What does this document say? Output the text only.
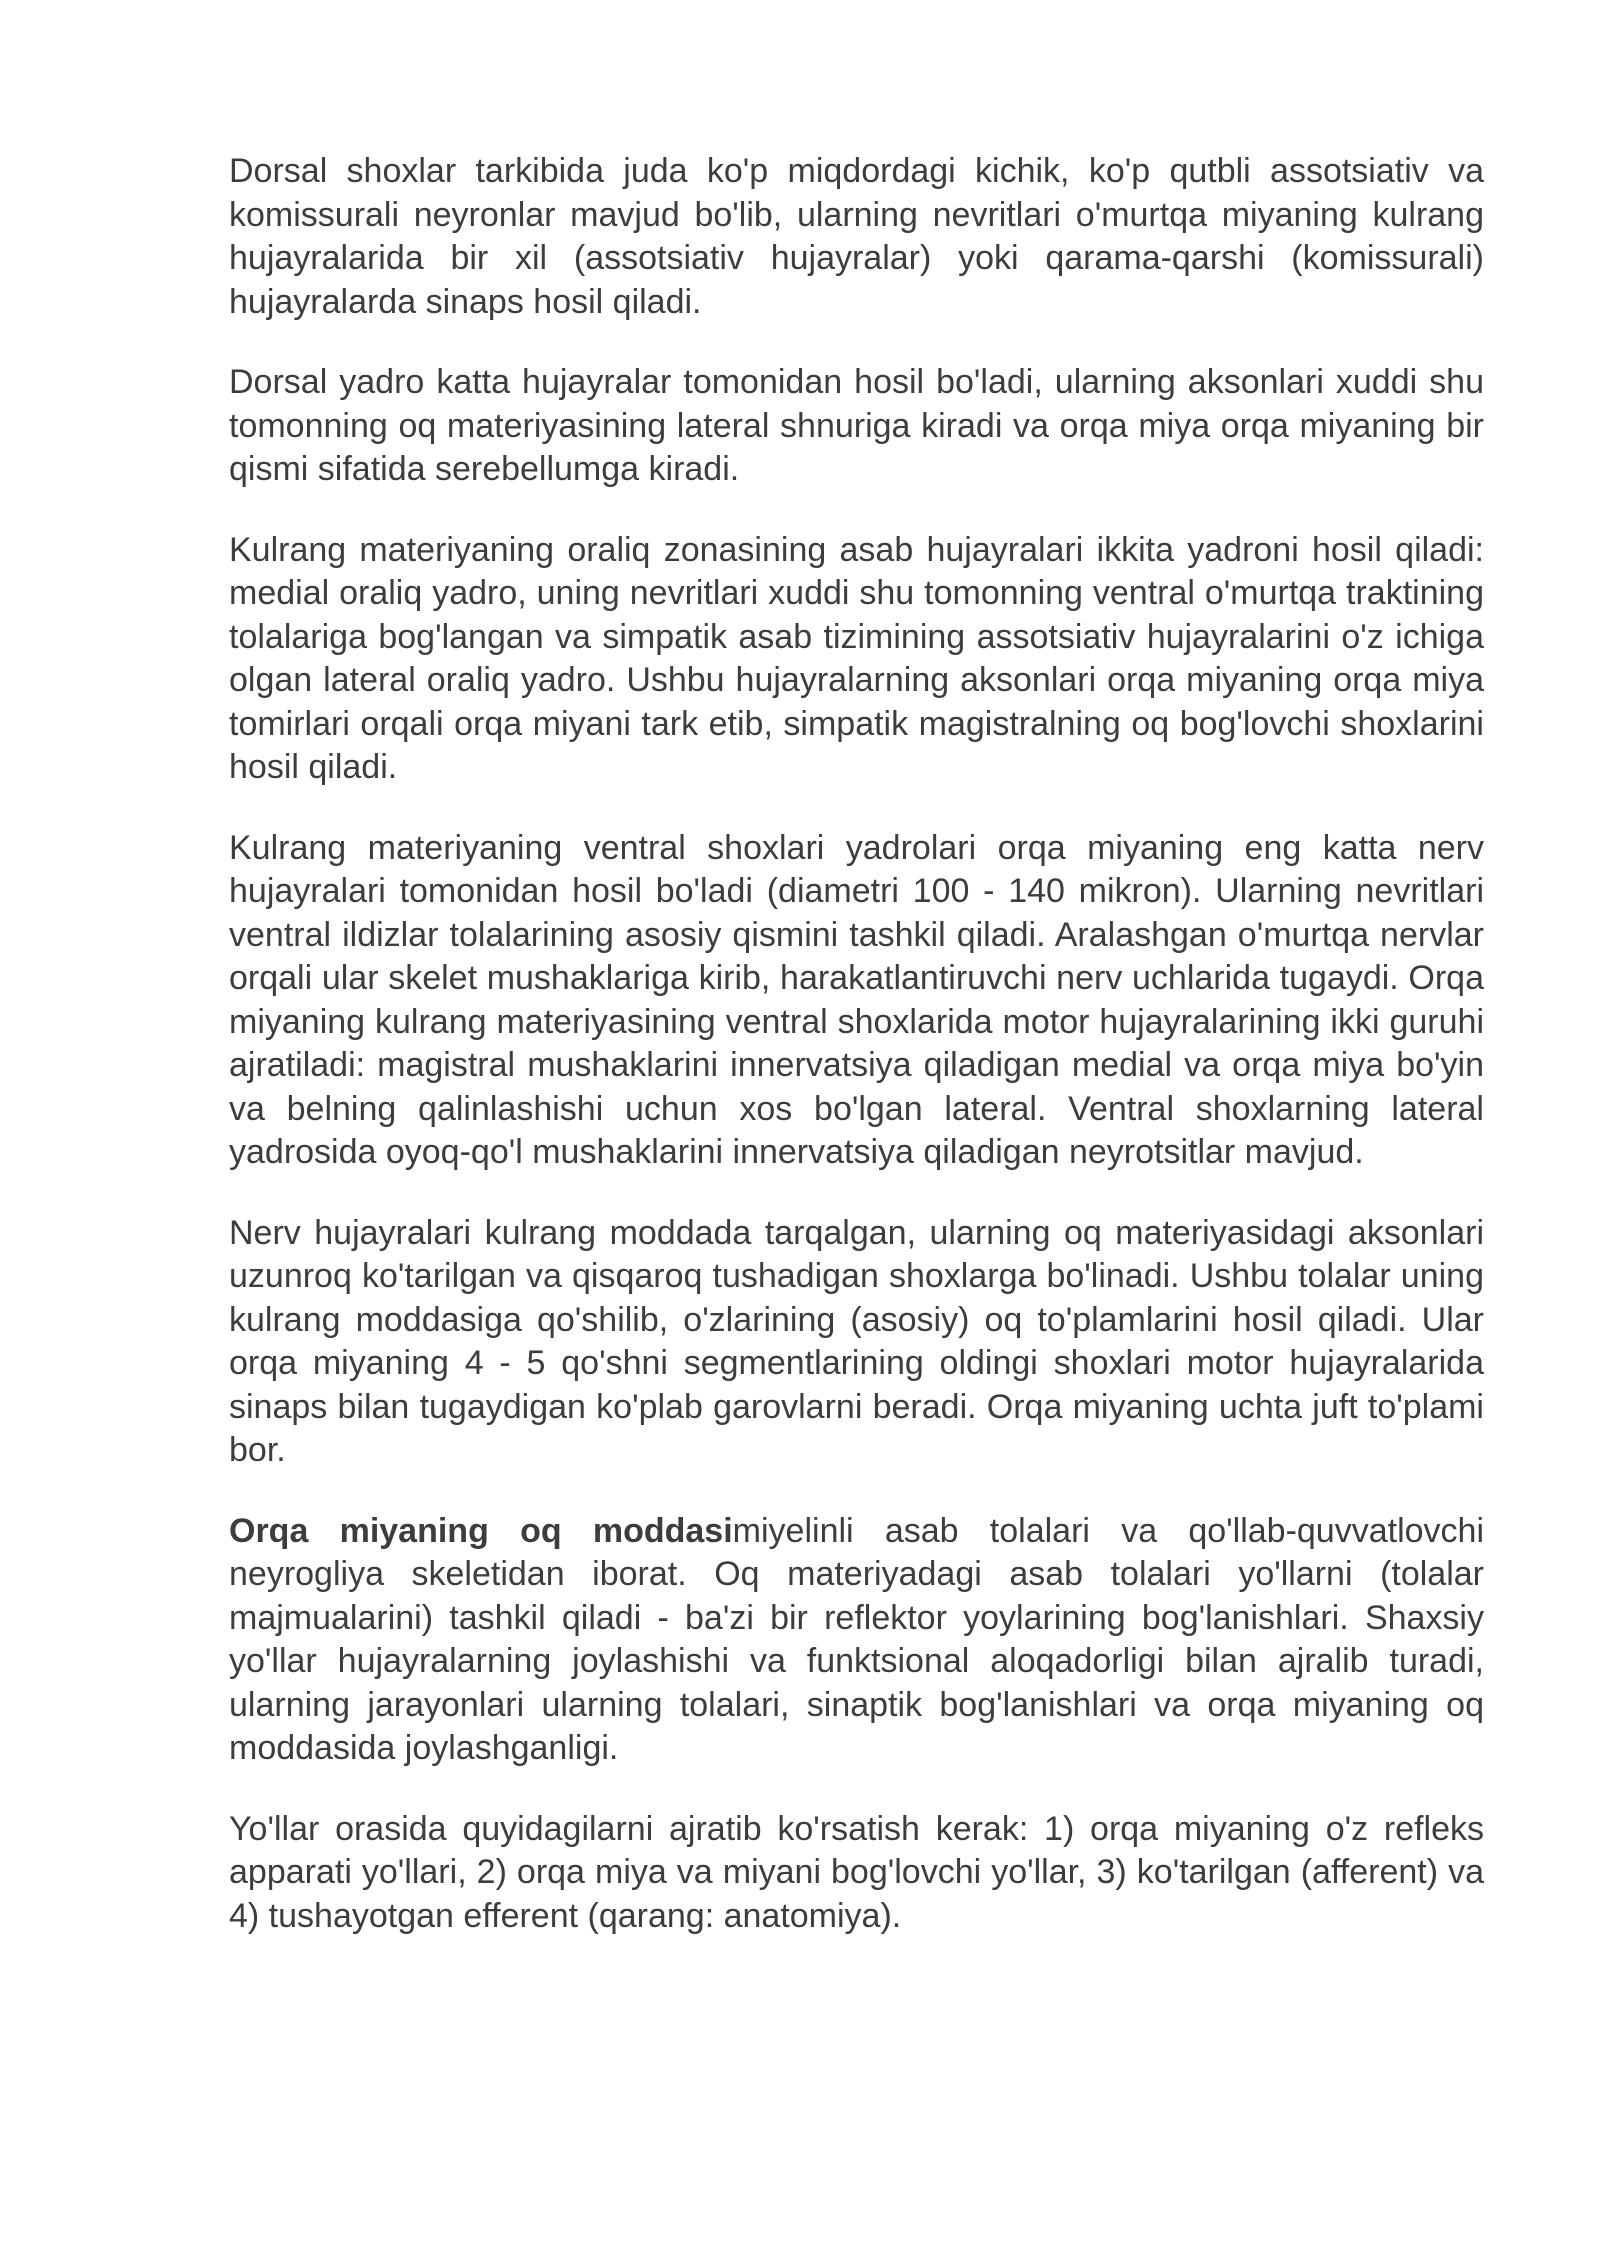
Dorsal shoxlar tarkibida juda ko'p miqdordagi kichik, ko'p qutbli assotsiativ va komissurali neyronlar mavjud bo'lib, ularning nevritlari o'murtqa miyaning kulrang hujayralarida bir xil (assotsiativ hujayralar) yoki qarama-qarshi (komissurali) hujayralarda sinaps hosil qiladi.

Dorsal yadro katta hujayralar tomonidan hosil bo'ladi, ularning aksonlari xuddi shu tomonning oq materiyasining lateral shnuriga kiradi va orqa miya orqa miyaning bir qismi sifatida serebellumga kiradi.

Kulrang materiyaning oraliq zonasining asab hujayralari ikkita yadroni hosil qiladi: medial oraliq yadro, uning nevritlari xuddi shu tomonning ventral o'murtqa traktining tolalariga bog'langan va simpatik asab tizimining assotsiativ hujayralarini o'z ichiga olgan lateral oraliq yadro. Ushbu hujayralarning aksonlari orqa miyaning orqa miya tomirlari orqali orqa miyani tark etib, simpatik magistralning oq bog'lovchi shoxlarini hosil qiladi.

Kulrang materiyaning ventral shoxlari yadrolari orqa miyaning eng katta nerv hujayralari tomonidan hosil bo'ladi (diametri 100 - 140 mikron). Ularning nevritlari ventral ildizlar tolalarining asosiy qismini tashkil qiladi. Aralashgan o'murtqa nervlar orqali ular skelet mushaklariga kirib, harakatlantiruvchi nerv uchlarida tugaydi. Orqa miyaning kulrang materiyasining ventral shoxlarida motor hujayralarining ikki guruhi ajratiladi: magistral mushaklarini innervatsiya qiladigan medial va orqa miya bo'yin va belning qalinlashishi uchun xos bo'lgan lateral. Ventral shoxlarning lateral yadrosida oyoq-qo'l mushaklarini innervatsiya qiladigan neyrotsitlar mavjud.

Nerv hujayralari kulrang moddada tarqalgan, ularning oq materiyasidagi aksonlari uzunroq ko'tarilgan va qisqaroq tushadigan shoxlarga bo'linadi. Ushbu tolalar uning kulrang moddasiga qo'shilib, o'zlarining (asosiy) oq to'plamlarini hosil qiladi. Ular orqa miyaning 4 - 5 qo'shni segmentlarining oldingi shoxlari motor hujayralarida sinaps bilan tugaydigan ko'plab garovlarni beradi. Orqa miyaning uchta juft to'plami bor.

Orqa miyaning oq moddasimiyelinli asab tolalari va qo'llab-quvvatlovchi neyrogliya skeletidan iborat. Oq materiyadagi asab tolalari yo'llarni (tolalar majmualarini) tashkil qiladi - ba'zi bir reflektor yoylarining bog'lanishlari. Shaxsiy yo'llar hujayralarning joylashishi va funktsional aloqadorligi bilan ajralib turadi, ularning jarayonlari ularning tolalari, sinaptik bog'lanishlari va orqa miyaning oq moddasida joylashganligi.

Yo'llar orasida quyidagilarni ajratib ko'rsatish kerak: 1) orqa miyaning o'z refleks apparati yo'llari, 2) orqa miya va miyani bog'lovchi yo'llar, 3) ko'tarilgan (afferent) va 4) tushayotgan efferent (qarang: anatomiya).
